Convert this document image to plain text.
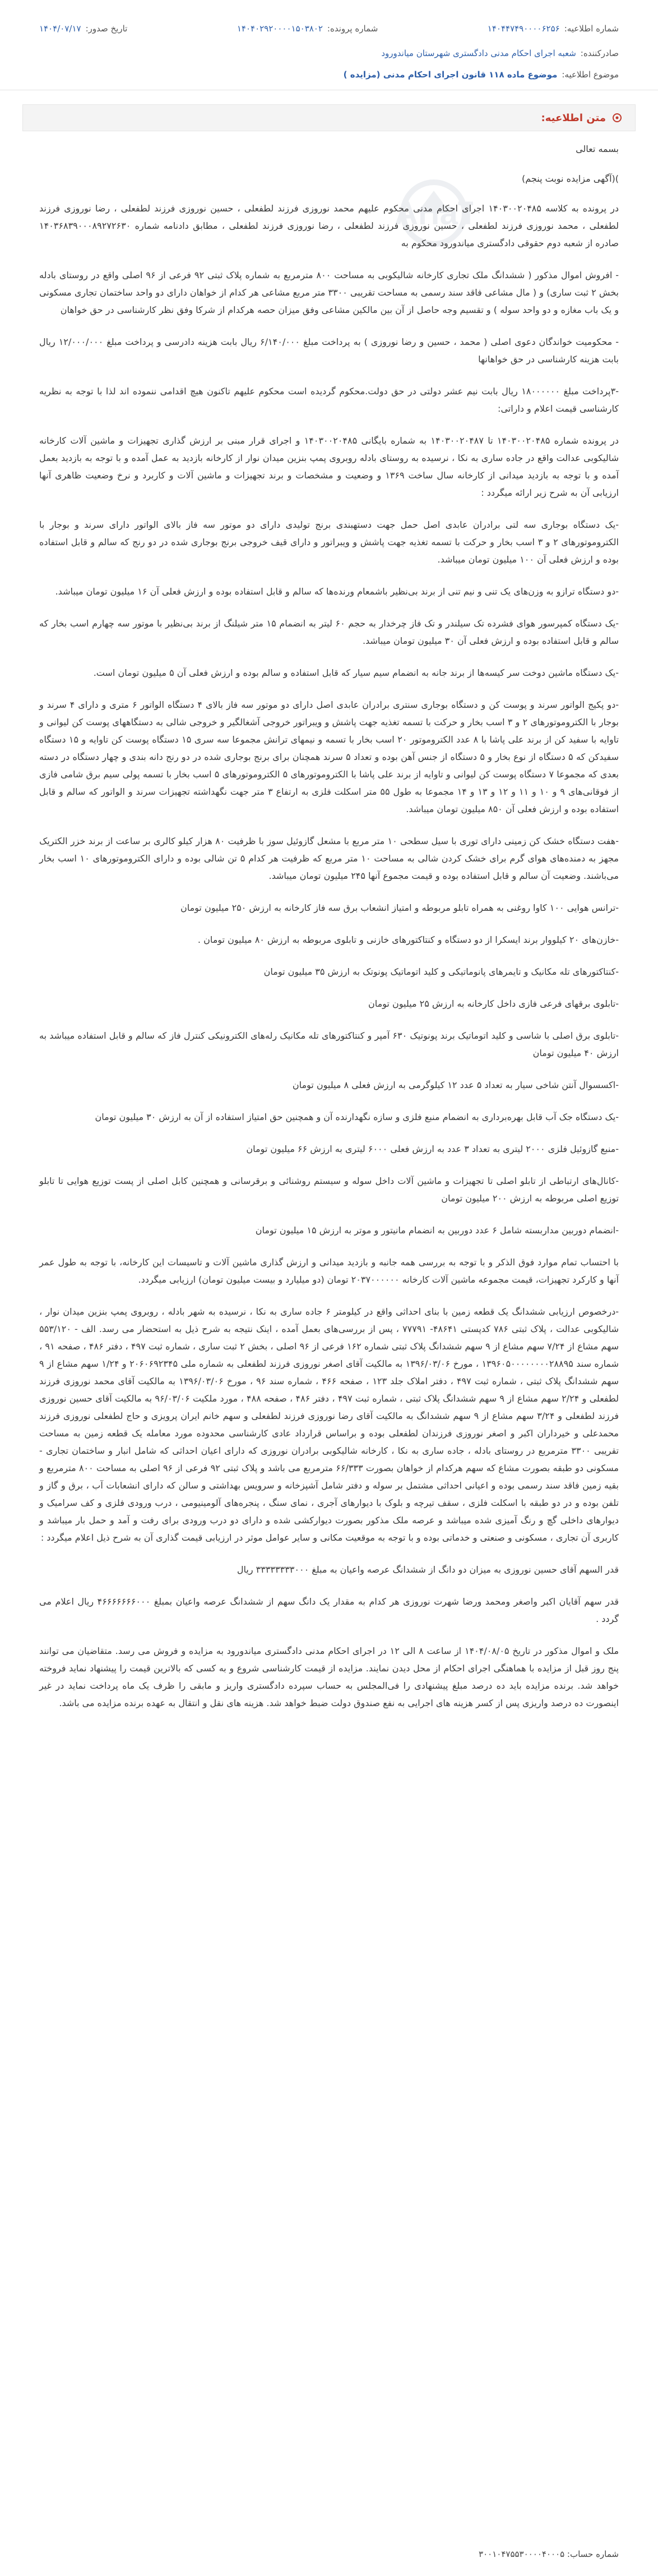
شماره اطلاعیه:
۱۴۰۴۴۷۴۹۰۰۰۰۶۲۵۶
شماره پرونده:
۱۴۰۴۰۲۹۲۰۰۰۰۱۵۰۳۸۰۲
تاریخ صدور:
۱۴۰۴/۰۷/۱۷
صادرکننده:
شعبه اجرای احکام مدنی دادگستری شهرستان میاندورود
موضوع اطلاعیه:
موضوع ماده ۱۱۸ قانون اجرای احکام مدنی (مزایده )
متن اطلاعیه:
AriaT

بسمه تعالی

)(آگهی مزایده نوبت پنجم)

در پرونده به کلاسه ۱۴۰۳۰۰۲۰۴۸۵ اجرای احکام مدنی محکوم علیهم محمد نوروزی فرزند لطفعلی ، حسین نوروزی فرزند لطفعلی ، رضا نوروزی فرزند لطفعلی ، محمد نوروزی فرزند لطفعلی ، حسین نوروزی فرزند لطفعلی ، رضا نوروزی فرزند لطفعلی ، مطابق دادنامه شماره ۱۴۰۳۶۸۳۹۰۰۰۸۹۲۷۲۶۳۰ صادره از شعبه دوم حقوقی دادگستری میاندورود محکوم به

- افروش اموال مذکور ( ششدانگ ملک تجاری کارخانه شالیکوبی به مساحت ۸۰۰ مترمربع به شماره پلاک ثبتی ۹۲ فرعی از ۹۶ اصلی واقع در روستای بادله بخش ۲ ثبت ساری) و ( مال مشاعی فاقد سند رسمی به مساحت تقریبی ۳۳۰۰ متر مربع مشاعی هر کدام از خواهان دارای دو واحد ساختمان تجاری مسکونی و یک باب مغازه و دو واحد سوله ) و تقسیم وجه حاصل از آن بین مالکین مشاعی وفق میزان حصه هرکدام از شرکا وفق نظر کارشناسی در حق خواهان

- محکومیت خواندگان دعوی اصلی ( محمد ، حسین و رضا نوروزی ) به پرداخت مبلغ ۶/۱۴۰/۰۰۰ ریال بابت هزینه دادرسی و پرداخت مبلغ ۱۲/۰۰۰/۰۰۰ ریال بابت هزینه کارشناسی در حق خواهانها

-۳پرداخت مبلغ ۱۸۰۰۰۰۰۰ ریال بابت نیم عشر دولتی در حق دولت.محکوم گردیده است محکوم علیهم تاکنون هیچ اقدامی ننموده اند لذا با توجه به نظریه کارشناسی قیمت اعلام و داراتی:

در پرونده شماره ۱۴۰۳۰۰۲۰۴۸۵ تا ۱۴۰۳۰۰۲۰۴۸۷ به شماره بایگانی ۱۴۰۳۰۰۲۰۴۸۵ و اجرای قرار مبنی بر ارزش گذاری تجهیزات و ماشین آلات کارخانه شالیکوبی عدالت واقع در جاده ساری به نکا ، نرسیده به روستای بادله روبروی پمپ بنزین میدان نوار از کارخانه بازدید به عمل آمده و با توجه به بازدید بعمل آمده و با توجه به بازدید میدانی از کارخانه سال ساخت ۱۳۶۹ و وضعیت و مشخصات و برند تجهیزات و ماشین آلات و کاربرد و نرخ وضعیت ظاهری آنها ارزیابی آن به شرح زیر ارائه میگردد :

-یک دستگاه بوجاری سه لتی برادران عابدی اصل حمل جهت دستهبندی برنج تولیدی دارای دو موتور سه فاز بالای الواتور دارای سرند و بوجار با الکتروموتورهای ۲ و ۳ اسب بخار و حرکت با تسمه تغذیه جهت پاشش و ویبراتور و دارای قیف خروجی برنج بوجاری شده در دو رنج که سالم و قابل استفاده بوده و ارزش فعلی آن ۱۰۰ میلیون تومان میباشد.

-دو دستگاه ترازو به وزن‌های یک تنی و نیم تنی از برند بی‌نظیر باشمعام ورنده‌ها که سالم و قابل استفاده بوده و ارزش فعلی آن ۱۶ میلیون تومان میباشد.

-یک دستگاه کمپرسور هوای فشرده تک سیلندر و تک فاز چرخدار به حجم ۶۰ لیتر به انضمام ۱۵ متر شیلنگ از برند بی‌نظیر با موتور سه چهارم اسب بخار که سالم و قابل استفاده بوده و ارزش فعلی آن ۳۰ میلیون تومان میباشد.

-یک دستگاه ماشین دوخت سر کیسه‌ها از برند جانه به انضمام سیم سیار که قابل استفاده و سالم بوده و ارزش فعلی آن ۵ میلیون تومان است.

-دو پکیج الواتور سرند و پوست کن و دستگاه بوجاری سنتری برادران عابدی اصل دارای دو موتور سه فاز بالای ۴ دستگاه الواتور ۶ متری و دارای ۴ سرند و بوجار با الکتروموتورهای ۲ و ۳ اسب بخار و حرکت با تسمه تغذیه جهت پاشش و ویبراتور خروجی آشغالگیر و خروجی شالی به دستگاههای پوست کن لیوانی و تاوایه با سفید کن از برند علی پاشا با ۸ عدد الکتروموتور ۲۰ اسب بخار با تسمه و نیمهای ترانش مجموعا سه سری ۱۵ دستگاه پوست کن تاوایه و ۱۵ دستگاه سفیدکن که ۵ دستگاه از نوع بخار و ۵ دستگاه از جنس آهن بوده و تعداد ۵ سرند همچنان برای برنج بوجاری شده در دو رنج دانه بندی و چهار دستگاه در دسته بعدی که مجموعا ۷ دستگاه پوست کن لیوانی و تاوایه از برند علی پاشا با الکتروموتورهای ۵ الکتروموتورهای ۵ اسب بخار با تسمه پولی سیم برق شامی فازی از فوقانی‌های ۹ و ۱۰ و ۱۱ و ۱۲ و ۱۳ و ۱۴ مجموعا به طول ۵۵ متر اسکلت فلزی به ارتفاع ۳ متر جهت نگهداشته تجهیزات سرند و الواتور که سالم و قابل استفاده بوده و ارزش فعلی آن ۸۵۰ میلیون تومان میباشد.

-هفت دستگاه خشک کن زمینی دارای توری با سیل سطحی ۱۰ متر مربع با مشعل گازوئیل سوز با ظرفیت ۸۰ هزار کیلو کالری بر ساعت از برند خزر الکتریک مجهز به دمنده‌های هوای گرم برای خشک کردن شالی به مساحت ۱۰ متر مربع که ظرفیت هر کدام ۵ تن شالی بوده و دارای الکتروموتورهای ۱۰ اسب بخار می‌باشند. وضعیت آن سالم و قابل استفاده بوده و قیمت مجموع آنها ۲۴۵ میلیون تومان میباشد.

-ترانس هوایی ۱۰۰ کاوا روغنی به همراه تابلو مربوطه و امتیاز انشعاب برق سه فاز کارخانه به ارزش ۲۵۰ میلیون تومان

-خازن‌های ۲۰ کیلووار برند ایسکرا از دو دستگاه و کنتاکتورهای خازنی و تابلوی مربوطه به ارزش ۸۰ میلیون تومان .

-کنتاکتورهای تله مکانیک و تایمرهای پانوماتیکی و کلید اتوماتیک پونوتک به ارزش ۳۵ میلیون تومان

-تابلوی برقهای فرعی فازی داخل کارخانه به ارزش ۲۵ میلیون تومان

-تابلوی برق اصلی با شاسی و کلید اتوماتیک برند پونوتیک ۶۳۰ آمپر و کنتاکتورهای تله مکانیک رله‌های الکترونیکی کنترل فاز که سالم و قابل استفاده میباشد به ارزش ۴۰ میلیون تومان

-اکسسوال آنتن شاخی سیار به تعداد ۵ عدد ۱۲ کیلوگرمی به ارزش فعلی ۸ میلیون تومان

-یک دستگاه جک آب قابل بهره‌برداری به انضمام منبع فلزی و سازه نگهدارنده آن و همچنین حق امتیاز استفاده از آن به ارزش ۳۰ میلیون تومان

-منبع گازوئیل فلزی ۲۰۰۰ لیتری به تعداد ۳ عدد به ارزش فعلی ۶۰۰۰ لیتری به ارزش ۶۶ میلیون تومان

-کانال‌های ارتباطی از تابلو اصلی تا تجهیزات و ماشین آلات داخل سوله و سیستم روشنائی و برقرسانی و همچنین کابل اصلی از پست توزیع هوایی تا تابلو توزیع اصلی مربوطه به ارزش ۲۰۰ میلیون تومان

-انضمام دوربین مداربسته شامل ۶ عدد دوربین به انضمام مانیتور و موتر به ارزش ۱۵ میلیون تومان

با احتساب تمام موارد فوق الذکر و با توجه به بررسی همه جانبه و بازدید میدانی و ارزش گذاری ماشین آلات و تاسیسات این کارخانه، با توجه به طول عمر آنها و کارکرد تجهیزات، قیمت مجموعه ماشین آلات کارخانه ۲۰۳۷۰۰۰۰۰۰ تومان (دو میلیارد و بیست میلیون تومان) ارزیابی میگردد.

-درخصوص ارزیابی ششدانگ یک قطعه زمین با بنای احداثی واقع در کیلومتر ۶ جاده ساری به نکا ، نرسیده به شهر بادله ، روبروی پمپ بنزین میدان نوار ، شالیکوبی عدالت ، پلاک ثبتی ۷۸۶ کدپستی ۴۸۶۴۱- ۷۷۷۹۱ ، پس از بررسی‌های بعمل آمده ، اینک نتیجه به شرح ذیل به استحضار می رسد. الف - ۵۵۳/۱۲۰ سهم مشاع از ۷/۲۴ سهم مشاع از ۹ سهم ششدانگ پلاک ثبتی شماره ۱۶۲ فرعی از ۹۶ اصلی ، بخش ۲ ثبت ساری ، شماره ثبت ۴۹۷ ، دفتر ۴۸۶ ، صفحه ۹۱ ، شماره سند ۱۳۹۶۰۵۰۰۰۰۰۰۰۰۲۸۸۹۵ ، مورخ ۱۳۹۶/۰۳/۰۶ به مالکیت آقای اصغر نوروزی فرزند لطفعلی به شماره ملی ۲۰۶۰۶۹۲۳۴۵ و ۱/۲۴ سهم مشاع از ۹ سهم ششدانگ پلاک ثبتی ، شماره ثبت ۴۹۷ ، دفتر املاک جلد ۱۲۳ ، صفحه ۴۶۶ ، شماره سند ۹۶ ، مورخ ۱۳۹۶/۰۳/۰۶ به مالکیت آقای محمد نوروزی فرزند لطفعلی و ۲/۲۴ سهم مشاع از ۹ سهم ششدانگ پلاک ثبتی ، شماره ثبت ۴۹۷ ، دفتر ۴۸۶ ، صفحه ۴۸۸ ، مورد ملکیت ۹۶/۰۳/۰۶ به مالکیت آقای حسین نوروزی فرزند لطفعلی و ۳/۲۴ سهم مشاع از ۹ سهم ششدانگ به مالکیت آقای رضا نوروزی فرزند لطفعلی و سهم خانم ایران پرویزی و حاج لطفعلی نوروزی فرزند محمدعلی و خیرداران اکبر و اصغر نوروزی فرزندان لطفعلی بوده و براساس قرارداد عادی کارشناسی محدوده مورد معامله یک قطعه زمین به مساحت تقریبی ۳۳۰۰ مترمربع در روستای بادله ، جاده ساری به نکا ، کارخانه شالیکوبی برادران نوروزی که دارای اعیان احداثی که شامل انبار و ساختمان تجاری - مسکونی دو طبقه بصورت مشاع که سهم هرکدام از خواهان بصورت ۶۶/۳۳۳ مترمربع می باشد و پلاک ثبتی ۹۲ فرعی از ۹۶ اصلی به مساحت ۸۰۰ مترمربع و بقیه زمین فاقد سند رسمی بوده و اعیانی احداثی مشتمل بر سوله و دفتر شامل آشپزخانه و سرویس بهداشتی و سالن که دارای انشعابات آب ، برق و گاز و تلفن بوده و در دو طبقه با اسکلت فلزی ، سقف تیرچه و بلوک با دیوارهای آجری ، نمای سنگ ، پنجره‌های آلومینیومی ، درب ورودی فلزی و کف سرامیک و دیوارهای داخلی گچ و رنگ آمیزی شده میباشد و عرصه ملک مذکور بصورت دیوارکشی شده و دارای دو درب ورودی برای رفت و آمد و حمل بار میباشد و کاربری آن تجاری ، مسکونی و صنعتی و خدماتی بوده و با توجه به موقعیت مکانی و سایر عوامل موثر در ارزیابی قیمت گذاری آن به شرح ذیل اعلام میگردد :

قدر السهم آقای حسین نوروزی به میزان دو دانگ از ششدانگ عرصه واعیان به مبلغ ۳۳۳۳۳۳۳۳۰۰۰ ریال

قدر سهم آقایان اکبر واصغر ومحمد ورضا شهرت نوروزی هر کدام به مقدار یک دانگ سهم از ششدانگ عرصه واعیان بمبلغ ۴۶۶۶۶۶۶۶۰۰۰ ریال اعلام می گردد .

ملک و اموال مذکور در تاریخ ۱۴۰۴/۰۸/۰۵ از ساعت ۸ الی ۱۲ در اجرای احکام مدنی دادگستری میاندورود به مزایده و فروش می رسد. متقاضیان می توانند پنج روز قبل از مزایده با هماهنگی اجرای احکام از محل دیدن نمایند. مزایده از قیمت کارشناسی شروع و به کسی که بالاترین قیمت را پیشنهاد نماید فروخته خواهد شد. برنده مزایده باید ده درصد مبلغ پیشنهادی را فی‌المجلس به حساب سپرده دادگستری واریز و مابقی را ظرف یک ماه پرداخت نماید در غیر اینصورت ده درصد واریزی پس از کسر هزینه های اجرایی به نفع صندوق دولت ضبط خواهد شد. هزینه های نقل و انتقال به عهده برنده مزایده می باشد.

شماره حساب: ۳۰۰۱۰۴۷۵۵۳۰۰۰۰۴۰۰۰۵
